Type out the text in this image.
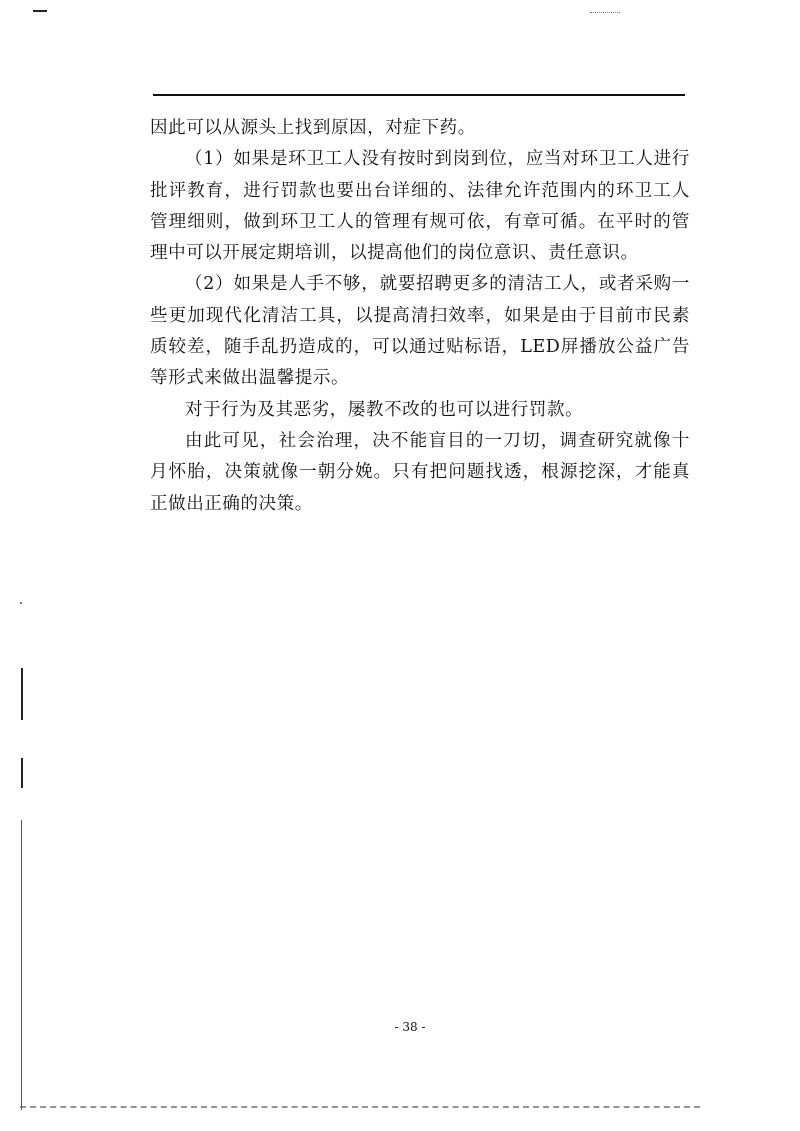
因此可以从源头上找到原因，对症下药。

（1）如果是环卫工人没有按时到岗到位，应当对环卫工人进行批评教育，进行罚款也要出台详细的、法律允许范围内的环卫工人管理细则，做到环卫工人的管理有规可依，有章可循。在平时的管理中可以开展定期培训，以提高他们的岗位意识、责任意识。

（2）如果是人手不够，就要招聘更多的清洁工人，或者采购一些更加现代化清洁工具，以提高清扫效率，如果是由于目前市民素质较差，随手乱扔造成的，可以通过贴标语，LED屏播放公益广告等形式来做出温馨提示。

对于行为及其恶劣，屡教不改的也可以进行罚款。

由此可见，社会治理，决不能盲目的一刀切，调查研究就像十月怀胎，决策就像一朝分娩。只有把问题找透，根源挖深，才能真正做出正确的决策。

- 38 -
